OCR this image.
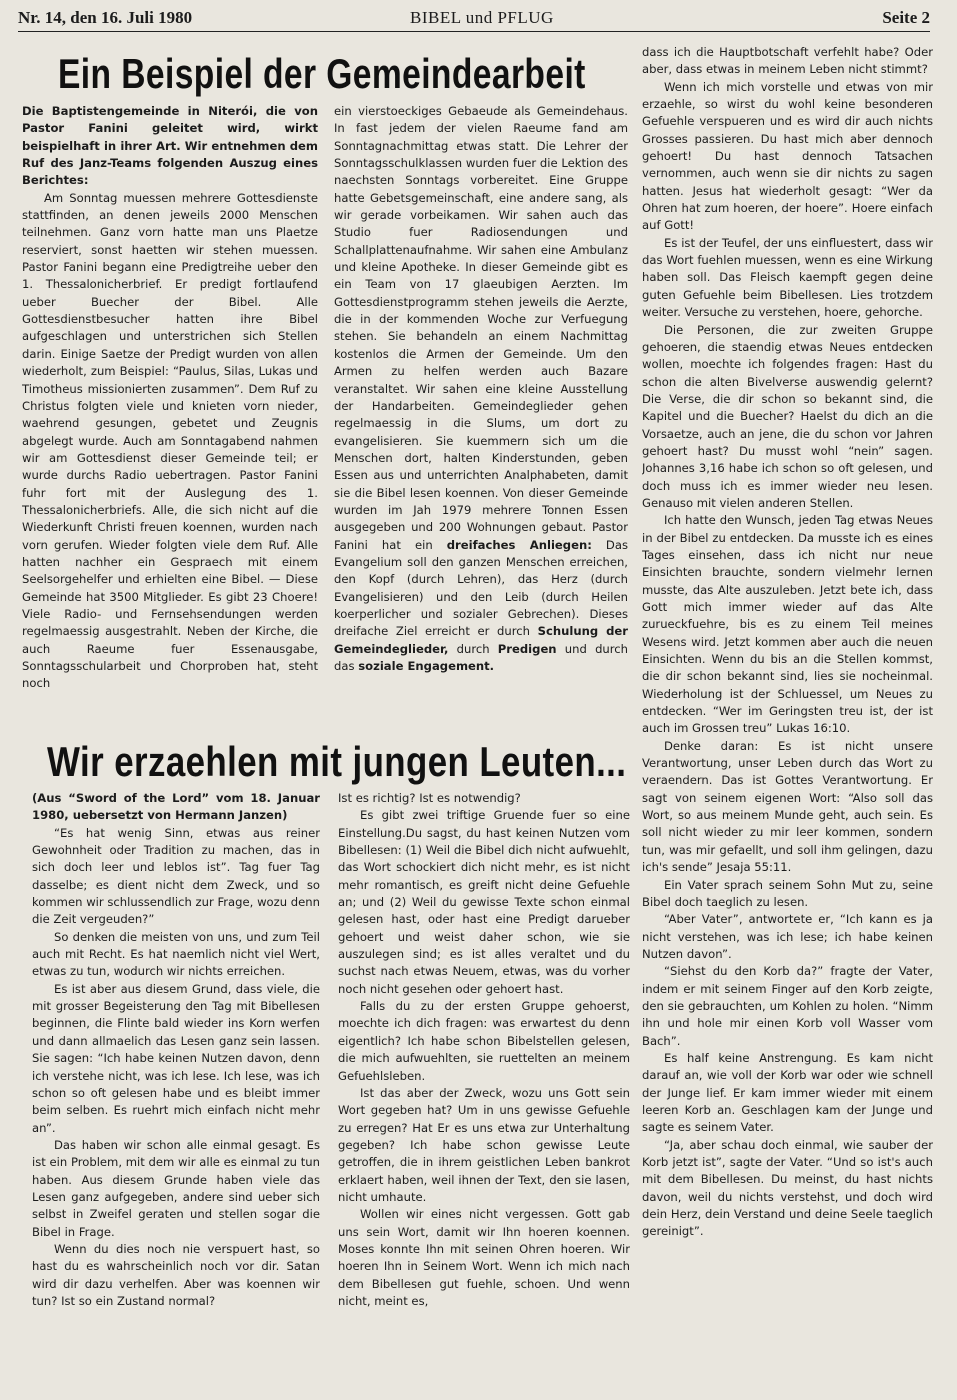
Nr. 14, den 16. Juli 1980	BIBEL und PFLUG	Seite 2
Ein Beispiel der Gemeindearbeit

Die Baptistengemeinde in Niterói, die von Pastor Fanini geleitet wird, wirkt beispielhaft in ihrer Art. Wir entnehmen dem Ruf des Janz-Teams folgenden Auszug eines Berichtes:

Am Sonntag muessen mehrere Gottesdienste stattfinden, an denen jeweils 2000 Menschen teilnehmen. Ganz vorn hatte man uns Plaetze reserviert, sonst haetten wir stehen muessen. Pastor Fanini begann eine Predigtreihe ueber den 1. Thessalonicherbrief. Er predigt fortlaufend ueber Buecher der Bibel. Alle Gottesdienstbesucher hatten ihre Bibel aufgeschlagen und unterstrichen sich Stellen darin. Einige Saetze der Predigt wurden von allen wiederholt, zum Beispiel: “Paulus, Silas, Lukas und Timotheus missionierten zusammen”. Dem Ruf zu Christus folgten viele und knieten vorn nieder, waehrend gesungen, gebetet und Zeugnis abgelegt wurde. Auch am Sonntagabend nahmen wir am Gottesdienst dieser Gemeinde teil; er wurde durchs Radio uebertragen. Pastor Fanini fuhr fort mit der Auslegung des 1. Thessalonicherbriefs. Alle, die sich nicht auf die Wiederkunft Christi freuen koennen, wurden nach vorn gerufen. Wieder folgten viele dem Ruf. Alle hatten nachher ein Gespraech mit einem Seelsorgehelfer und erhielten eine Bibel. — Diese Gemeinde hat 3500 Mitglieder. Es gibt 23 Choere! Viele Radio- und Fernsehsendungen werden regelmaessig ausgestrahlt. Neben der Kirche, die auch Raeume fuer Essenausgabe, Sonntagsschularbeit und Chorproben hat, steht noch

ein vierstoeckiges Gebaeude als Gemeindehaus. In fast jedem der vielen Raeume fand am Sonntagnachmittag etwas statt. Die Lehrer der Sonntagsschulklassen wurden fuer die Lektion des naechsten Sonntags vorbereitet. Eine Gruppe hatte Gebetsgemeinschaft, eine andere sang, als wir gerade vorbeikamen. Wir sahen auch das Studio fuer Radiosendungen und Schallplattenaufnahme. Wir sahen eine Ambulanz und kleine Apotheke. In dieser Gemeinde gibt es ein Team von 17 glaeubigen Aerzten. Im Gottesdienstprogramm stehen jeweils die Aerzte, die in der kommenden Woche zur Verfuegung stehen. Sie behandeln an einem Nachmittag kostenlos die Armen der Gemeinde. Um den Armen zu helfen werden auch Bazare veranstaltet. Wir sahen eine kleine Ausstellung der Handarbeiten. Gemeindeglieder gehen regelmaessig in die Slums, um dort zu evangelisieren. Sie kuemmern sich um die Menschen dort, halten Kinderstunden, geben Essen aus und unterrichten Analphabeten, damit sie die Bibel lesen koennen. Von dieser Gemeinde wurden im Jah 1979 mehrere Tonnen Essen ausgegeben und 200 Wohnungen gebaut. Pastor Fanini hat ein dreifaches Anliegen: Das Evangelium soll den ganzen Menschen erreichen, den Kopf (durch Lehren), das Herz (durch Evangelisieren) und den Leib (durch Heilen koerperlicher und sozialer Gebrechen). Dieses dreifache Ziel erreicht er durch Schulung der Gemeindeglieder, durch Predigen und durch das soziale Engagement.

Wir erzaehlen mit jungen Leuten...

(Aus “Sword of the Lord” vom 18. Januar 1980, uebersetzt von Hermann Janzen)

“Es hat wenig Sinn, etwas aus reiner Gewohnheit oder Tradition zu machen, das in sich doch leer und leblos ist”. Tag fuer Tag dasselbe; es dient nicht dem Zweck, und so kommen wir schlussendlich zur Frage, wozu denn die Zeit vergeuden?”

So denken die meisten von uns, und zum Teil auch mit Recht. Es hat naemlich nicht viel Wert, etwas zu tun, wodurch wir nichts erreichen.

Es ist aber aus diesem Grund, dass viele, die mit grosser Begeisterung den Tag mit Bibellesen beginnen, die Flinte bald wieder ins Korn werfen und dann allmaelich das Lesen ganz sein lassen. Sie sagen: “Ich habe keinen Nutzen davon, denn ich verstehe nicht, was ich lese. Ich lese, was ich schon so oft gelesen habe und es bleibt immer beim selben. Es ruehrt mich einfach nicht mehr an”.

Das haben wir schon alle einmal gesagt. Es ist ein Problem, mit dem wir alle es einmal zu tun haben. Aus diesem Grunde haben viele das Lesen ganz aufgegeben, andere sind ueber sich selbst in Zweifel geraten und stellen sogar die Bibel in Frage.

Wenn du dies noch nie verspuert hast, so hast du es wahrscheinlich noch vor dir. Satan wird dir dazu verhelfen. Aber was koennen wir tun? Ist so ein Zustand normal?

Ist es richtig? Ist es notwendig?

Es gibt zwei triftige Gruende fuer so eine Einstellung.Du sagst, du hast keinen Nutzen vom Bibellesen: (1) Weil die Bibel dich nicht aufwuehlt, das Wort schockiert dich nicht mehr, es ist nicht mehr romantisch, es greift nicht deine Gefuehle an; und (2) Weil du gewisse Texte schon einmal gelesen hast, oder hast eine Predigt darueber gehoert und weist daher schon, wie sie auszulegen sind; es ist alles veraltet und du suchst nach etwas Neuem, etwas, was du vorher noch nicht gesehen oder gehoert hast.

Falls du zu der ersten Gruppe gehoerst, moechte ich dich fragen: was erwartest du denn eigentlich? Ich habe schon Bibelstellen gelesen, die mich aufwuehlten, sie ruettelten an meinem Gefuehlsleben.

Ist das aber der Zweck, wozu uns Gott sein Wort gegeben hat? Um in uns gewisse Gefuehle zu erregen? Hat Er es uns etwa zur Unterhaltung gegeben? Ich habe schon gewisse Leute getroffen, die in ihrem geistlichen Leben bankrot erklaert haben, weil ihnen der Text, den sie lasen, nicht umhaute.

Wollen wir eines nicht vergessen. Gott gab uns sein Wort, damit wir Ihn hoeren koennen. Moses konnte Ihn mit seinen Ohren hoeren. Wir hoeren Ihn in Seinem Wort. Wenn ich mich nach dem Bibellesen gut fuehle, schoen. Und wenn nicht, meint es,

dass ich die Hauptbotschaft verfehlt habe? Oder aber, dass etwas in meinem Leben nicht stimmt?

Wenn ich mich vorstelle und etwas von mir erzaehle, so wirst du wohl keine besonderen Gefuehle verspueren und es wird dir auch nichts Grosses passieren. Du hast mich aber dennoch gehoert! Du hast dennoch Tatsachen vernommen, auch wenn sie dir nichts zu sagen hatten. Jesus hat wiederholt gesagt: “Wer da Ohren hat zum hoeren, der hoere”. Hoere einfach auf Gott!

Es ist der Teufel, der uns einfluestert, dass wir das Wort fuehlen muessen, wenn es eine Wirkung haben soll. Das Fleisch kaempft gegen deine guten Gefuehle beim Bibellesen. Lies trotzdem weiter. Versuche zu verstehen, hoere, gehorche.

Die Personen, die zur zweiten Gruppe gehoeren, die staendig etwas Neues entdecken wollen, moechte ich folgendes fragen: Hast du schon die alten Bivelverse auswendig gelernt? Die Verse, die dir schon so bekannt sind, die Kapitel und die Buecher? Haelst du dich an die Vorsaetze, auch an jene, die du schon vor Jahren gehoert hast? Du musst wohl “nein” sagen. Johannes 3,16 habe ich schon so oft gelesen, und doch muss ich es immer wieder neu lesen. Genauso mit vielen anderen Stellen.

Ich hatte den Wunsch, jeden Tag etwas Neues in der Bibel zu entdecken. Da musste ich es eines Tages einsehen, dass ich nicht nur neue Einsichten brauchte, sondern vielmehr lernen musste, das Alte auszuleben. Jetzt bete ich, dass Gott mich immer wieder auf das Alte zurueckfuehre, bis es zu einem Teil meines Wesens wird. Jetzt kommen aber auch die neuen Einsichten. Wenn du bis an die Stellen kommst, die dir schon bekannt sind, lies sie nocheinmal. Wiederholung ist der Schluessel, um Neues zu entdecken. “Wer im Geringsten treu ist, der ist auch im Grossen treu” Lukas 16:10.

Denke daran: Es ist nicht unsere Verantwortung, unser Leben durch das Wort zu veraendern. Das ist Gottes Verantwortung. Er sagt von seinem eigenen Wort: “Also soll das Wort, so aus meinem Munde geht, auch sein. Es soll nicht wieder zu mir leer kommen, sondern tun, was mir gefaellt, und soll ihm gelingen, dazu ich's sende” Jesaja 55:11.

Ein Vater sprach seinem Sohn Mut zu, seine Bibel doch taeglich zu lesen.

“Aber Vater”, antwortete er, “Ich kann es ja nicht verstehen, was ich lese; ich habe keinen Nutzen davon”.

“Siehst du den Korb da?” fragte der Vater, indem er mit seinem Finger auf den Korb zeigte, den sie gebrauchten, um Kohlen zu holen. “Nimm ihn und hole mir einen Korb voll Wasser vom Bach”.

Es half keine Anstrengung. Es kam nicht darauf an, wie voll der Korb war oder wie schnell der Junge lief. Er kam immer wieder mit einem leeren Korb an. Geschlagen kam der Junge und sagte es seinem Vater.

“Ja, aber schau doch einmal, wie sauber der Korb jetzt ist”, sagte der Vater. “Und so ist's auch mit dem Bibellesen. Du meinst, du hast nichts davon, weil du nichts verstehst, und doch wird dein Herz, dein Verstand und deine Seele taeglich gereinigt”.
